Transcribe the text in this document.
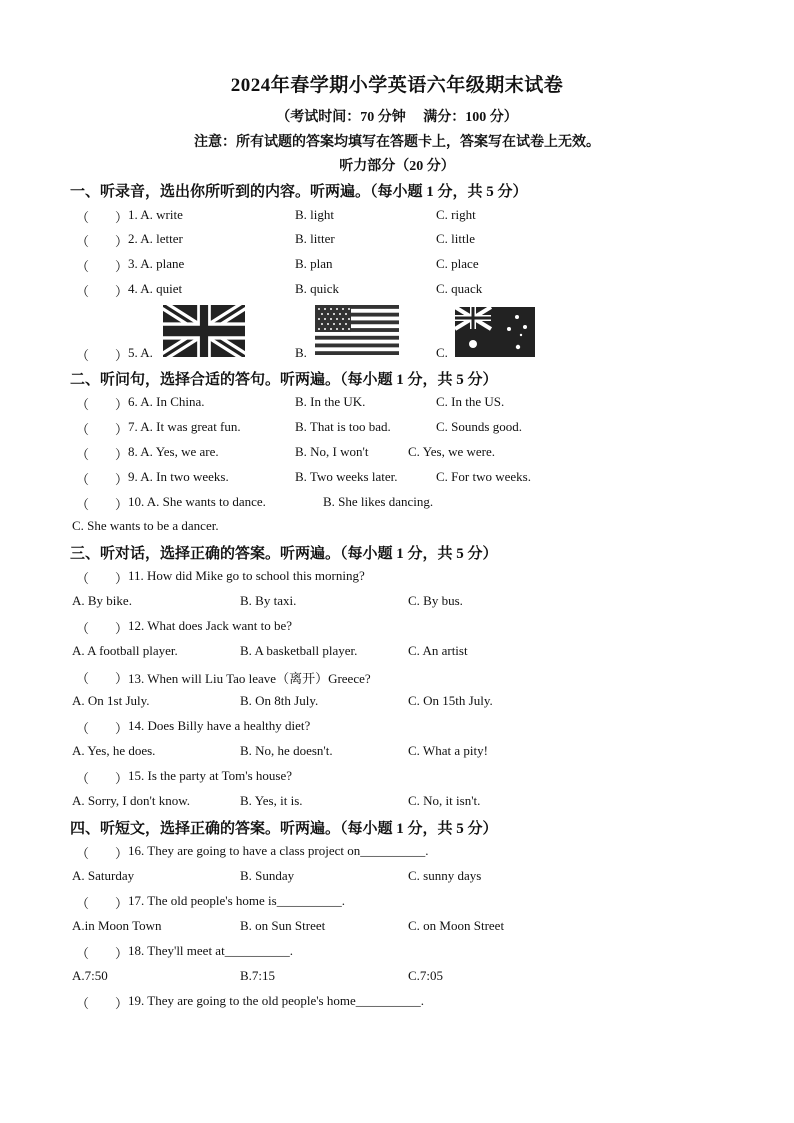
2024年春学期小学英语六年级期末试卷
（考试时间：70 分钟　 满分：100 分）
注意：所有试题的答案均填写在答题卡上，答案写在试卷上无效。
听力部分（20 分）
一、听录音，选出你所听到的内容。听两遍。（每小题 1 分，共 5 分）
（　　） 1. A. write	B. light	C. right
（　　） 2. A. letter	B. litter	C. little
（　　） 3. A. plane	B. plan	C. place
（　　） 4. A. quiet	B. quick	C. quack
（　　） 5. A.	B.	C.
二、听问句，选择合适的答句。听两遍。（每小题 1 分，共 5 分）
（　　） 6. A. In China.	B. In the UK.	C. In the US.
（　　） 7. A. It was great fun.	B. That is too bad.	C. Sounds good.
（　　） 8. A. Yes, we are.	B. No, I won't	C. Yes, we were.
（　　） 9. A. In two weeks.	B. Two weeks later.	C. For two weeks.
（　　） 10. A. She wants to dance.	B. She likes dancing.
C. She wants to be a dancer.
三、听对话，选择正确的答案。听两遍。（每小题 1 分，共 5 分）
（　　） 11. How did Mike go to school this morning?
A. By bike.	B. By taxi.	C. By bus.
（　　） 12. What does Jack want to be?
A. A football player.	B. A basketball player.	C. An artist
（　　） 13. When will Liu Tao leave（离开）Greece?
A. On 1st July.	B. On 8th July.	C. On 15th July.
（　　） 14. Does Billy have a healthy diet?
A. Yes, he does.	B. No, he doesn't.	C. What a pity!
（　　） 15. Is the party at Tom's house?
A. Sorry, I don't know.	B. Yes, it is.	C. No, it isn't.
四、听短文，选择正确的答案。听两遍。（每小题 1 分，共 5 分）
（　　） 16. They are going to have a class project on__________.
A. Saturday	B. Sunday	C. sunny days
（　　） 17. The old people's home is__________.
A.in Moon Town	B. on Sun Street	C. on Moon Street
（　　） 18. They'll meet at__________.
A.7:50	B.7:15	C.7:05
（　　） 19. They are going to the old people's home__________.
